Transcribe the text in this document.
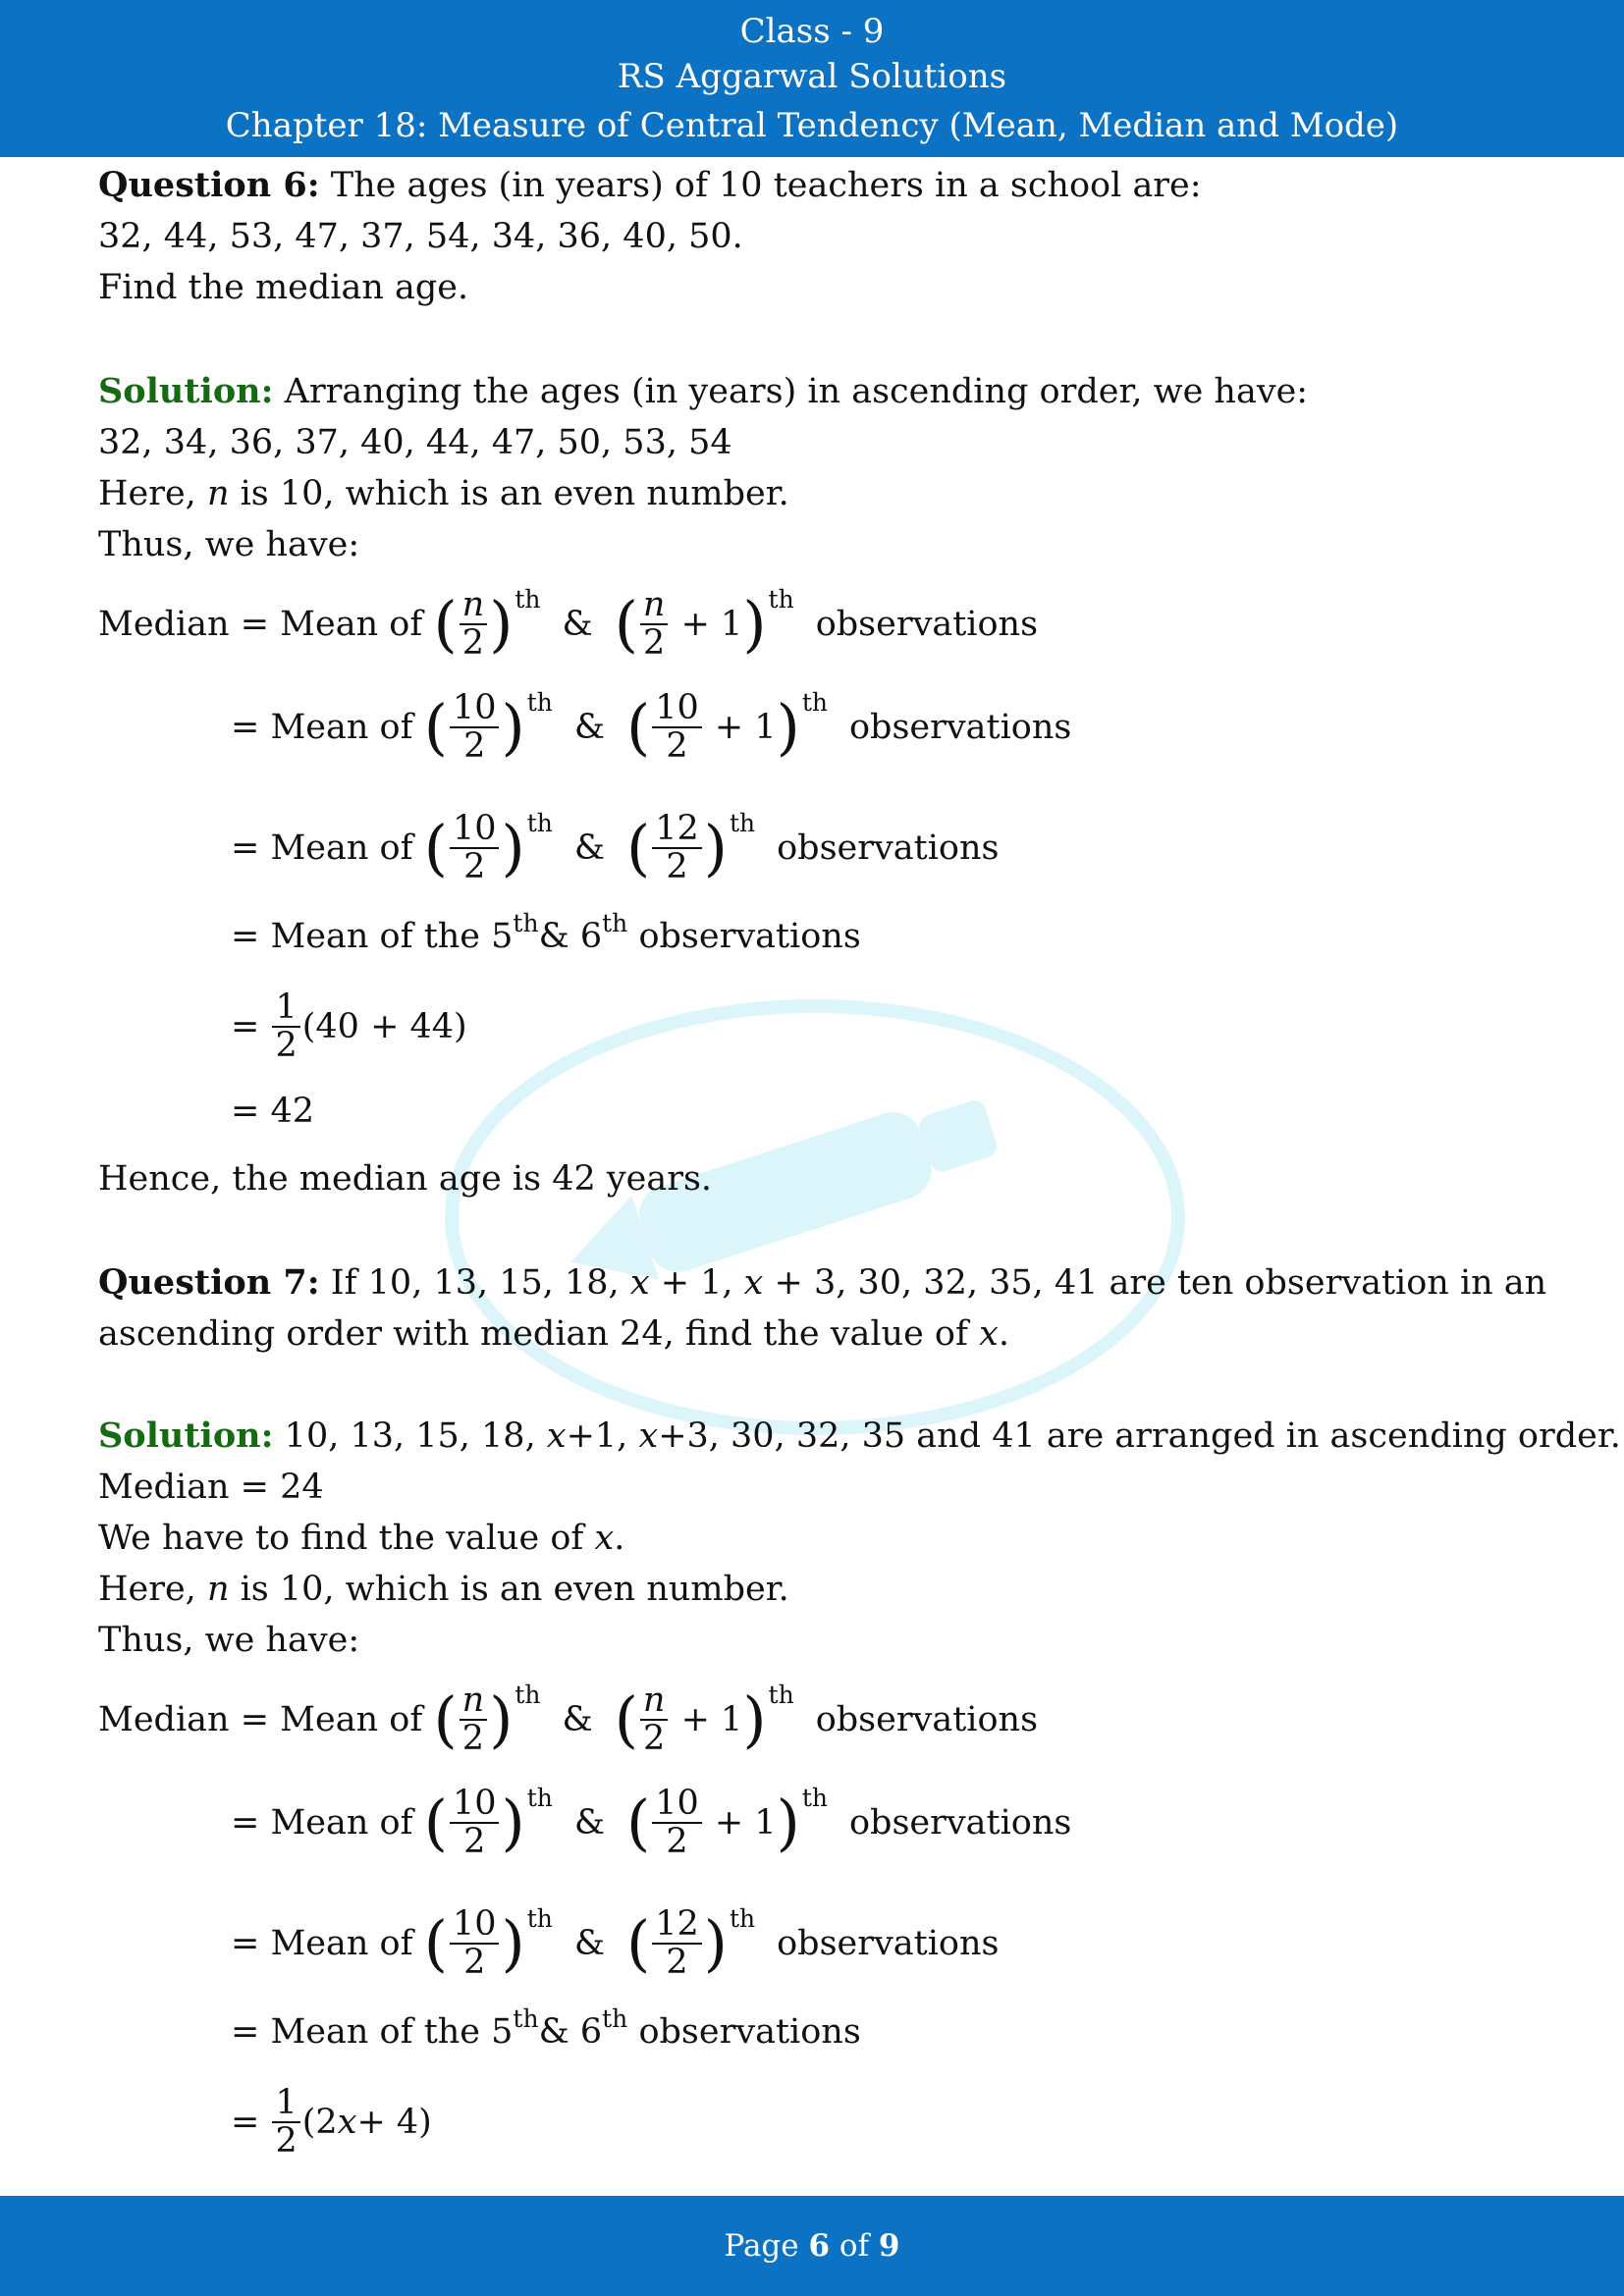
Class - 9
RS Aggarwal Solutions
Chapter 18: Measure of Central Tendency (Mean, Median and Mode)
Question 6: The ages (in years) of 10 teachers in a school are:
32, 44, 53, 47, 37, 54, 34, 36, 40, 50.
Find the median age.
Solution: Arranging the ages (in years) in ascending order, we have:
32, 34, 36, 37, 40, 44, 47, 50, 53, 54
Here, n is 10, which is an even number.
Thus, we have:
Median
=
Mean of
( $\frac{n}{2}$ ) th
& ( $\frac{n}{2}$
+ 1 ) th
observations
=
Mean of
( $\frac{10}{2}$ ) th
& ( $\frac{10}{2}$
+ 1 ) th
observations
=
Mean of
( $\frac{10}{2}$ ) th
& ( $\frac{12}{2}$ ) th
observations
=
Mean of the 5 th & 6 th
observations
=
$\frac{1}{2} (40 + 44)$
= 42
Hence, the median age is 42 years.
Question 7: If 10, 13, 15, 18, x + 1, x + 3, 30, 32, 35, 41 are ten observation in an
ascending order with median 24, find the value of x.
Solution: 10, 13, 15, 18, x+1, x+3, 30, 32, 35 and 41 are arranged in ascending order.
Median = 24
We have to find the value of x.
Here, n is 10, which is an even number.
Thus, we have:
Median
=
Mean of
( $\frac{n}{2}$ ) th
& ( $\frac{n}{2}$
+ 1 ) th
observations
=
Mean of
( $\frac{10}{2}$ ) th
& ( $\frac{10}{2}$
+ 1 ) th
observations
=
Mean of
( $\frac{10}{2}$ ) th
& ( $\frac{12}{2}$ ) th
observations
=
Mean of the 5 th & 6 th
observations
=
$\frac{1}{2} (2$ x + 4)
Page 6 of 9
